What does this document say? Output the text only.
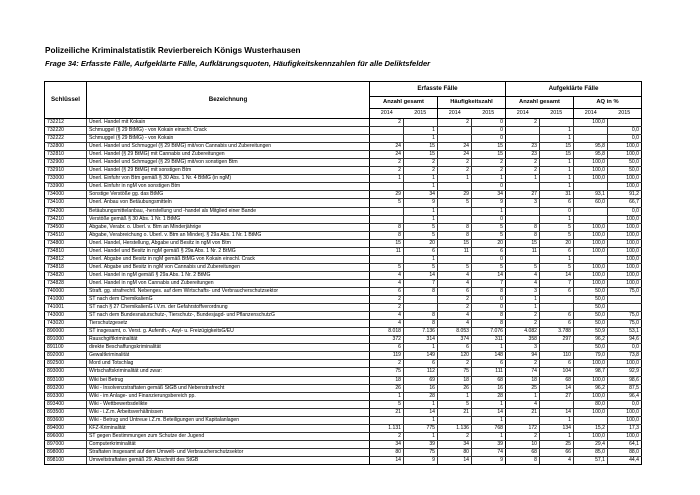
Polizeiliche Kriminalstatistik Revierbereich Königs Wusterhausen
Frage 34: Erfasste Fälle, Aufgeklärte Fälle, Aufklärungsquoten, Häufigkeitskennzahlen für alle Deliktsfelder
Schlüssel	Bezeichnung	Erfasste Fälle				Aufgeklärte Fälle			
		Anzahl gesamt		Häufigkeitszahl		Anzahl gesamt		AQ in %	
		2014	2015	2014	2015	2014	2015	2014	2015
732212	Unerl. Handel mit Kokain	2		2	0	2		100,0	
732220	Schmuggel (§ 29 BtMG) - von Kokain einschl. Crack		1		0		1		0,0
732222	Schmuggel (§ 29 BtMG) - von Kokain		1		0		1		0,0
732800	Unerl. Handel und Schmuggel (§ 29 BtMG) mit/von Cannabis und Zubereitungen	24	15	24	15	23	15	95,8	100,0
732810	Unerl. Handel (§ 29 BtMG) mit Cannabis und Zubereitungen	24	15	24	15	23	15	95,8	100,0
732900	Unerl. Handel und Schmuggel (§ 29 BtMG) mit/von sonstigen Btm	2	2	2	2	2	1	100,0	50,0
732910	Unerl. Handel (§ 29 BtMG) mit sonstigen Btm	2	2	2	2	2	1	100,0	50,0
733000	Unerl. Einfuhr von Btm gemäß § 30 Abs. 1 Nr. 4 BtMG (in ngM)	1	1	1	1	1	1	100,0	100,0
733900	Unerl. Einfuhr in ngM von sonstigen Btm		1		0		1		100,0
734000	Sonstige Verstöße gg. das BtMG	29	34	29	34	27	31	93,1	91,2
734100	Unerl. Anbau von Betäubungsmitteln	5	9	5	9	3	6	60,0	66,7
734200	Betäubungsmittelanbau, -herstellung und -handel als Mitglied einer Bande		1		1		0		0,0
734210	Verstöße gemäß § 30 Abs. 1 Nr. 1 BtMG		1		0		1		100,0
734500	Abgabe, Verabr. o. Überl. v. Btm an Minderjährige	8	5	8	5	8	5	100,0	100,0
734510	Abgabe, Verabreichung o. Überl. v. Btm an Minderj. § 29a Abs. 1 Nr. 1 BtMG	8	5	8	5	8	5	100,0	100,0
734800	Unerl. Handel, Herstellung, Abgabe und Besitz in ngM von Btm	15	20	15	20	15	20	100,0	100,0
734810	Unerl. Handel und Besitz in ngM gemäß § 29a Abs. 1 Nr. 2 BtMG	11	6	11	6	11	6	100,0	100,0
734812	Unerl. Abgabe und Besitz in ngM gemäß BtMG von Kokain einschl. Crack		1		0		1		100,0
734818	Unerl. Abgabe und Besitz in ngM von Cannabis und Zubereitungen	5	5	5	5	5	5	100,0	100,0
734820	Unerl. Handel in ngM gemäß § 29a Abs. 1 Nr. 2 BtMG	4	14	4	14	4	14	100,0	100,0
734828	Unerl. Handel in ngM von Cannabis und Zubereitungen	4	7	4	7	4	7	100,0	100,0
740000	Straft. gg. strafrechtl. Nebenges. auf dem Wirtschafts- und Verbraucherschutzsektor	6	8	6	8	3	6	50,0	75,0
741000	ST nach dem ChemikalienG	2		2	0	1		50,0	
741001	ST nach § 27 ChemikalienG i.V.m. der Gefahrstoffverordnung	2		2	0	1		50,0	
743000	ST nach dem Bundesnaturschutz-, Tierschutz-, Bundesjagd- und PflanzenschutzG	4	8	4	8	2	6	50,0	75,0
743020	Tierschutzgesetz	4	8	4	8	2	6	50,0	75,0
890000	ST insgesamt, o. Verst. g. Aufenth.-, Asyl- u. FreizügigkeitsG/EU	8.018	7.136	8.053	7.076	4.082	3.788	50,9	53,1
891000	Rauschgiftkriminalität	372	314	374	311	358	297	96,2	94,6
891100	direkte Beschaffungskriminalität	6	1	6	1	3		50,0	0,0
892000	Gewaltkriminalität	119	149	120	148	94	110	79,0	73,8
892500	Mord und Totschlag	2	6	2	6	2	6	100,0	100,0
893000	Wirtschaftskriminalität und zwar:	75	112	75	111	74	104	98,7	92,9
893100	Wiki bei Betrug	18	69	18	68	18	68	100,0	98,6
893200	Wiki - Insolvenzstraftaten gemäß StGB und Nebenstrafrecht	26	16	26	16	25	14	96,2	87,5
893300	Wiki - im Anlage- und Finanzierungsbereich pp.	1	28	1	28	1	27	100,0	96,4
893400	Wiki - Wettbewerbsdelikte	5	1	5	1	4		80,0	0,0
893500	Wiki - i.Z.m. Arbeitsverhältnissen	21	14	21	14	21	14	100,0	100,0
893600	Wiki - Betrug und Untreue i.Z.m. Beteiligungen und Kapitalanlagen		1		1		1		100,0
894000	KFZ-Kriminalität	1.131	775	1.136	768	172	134	15,2	17,3
896000	ST gegen Bestimmungen zum Schutze der Jugend	2	1	2	1	2	1	100,0	100,0
897000	Computerkriminalität	34	39	34	39	10	25	29,4	64,1
898000	Straftaten insgesamt auf dem Umwelt- und Verbraucherschutzsektor	80	75	80	74	68	66	85,0	88,0
898100	Umweltstraftaten gemäß 29. Abschnitt des StGB	14	9	14	9	8	4	57,1	44,4
